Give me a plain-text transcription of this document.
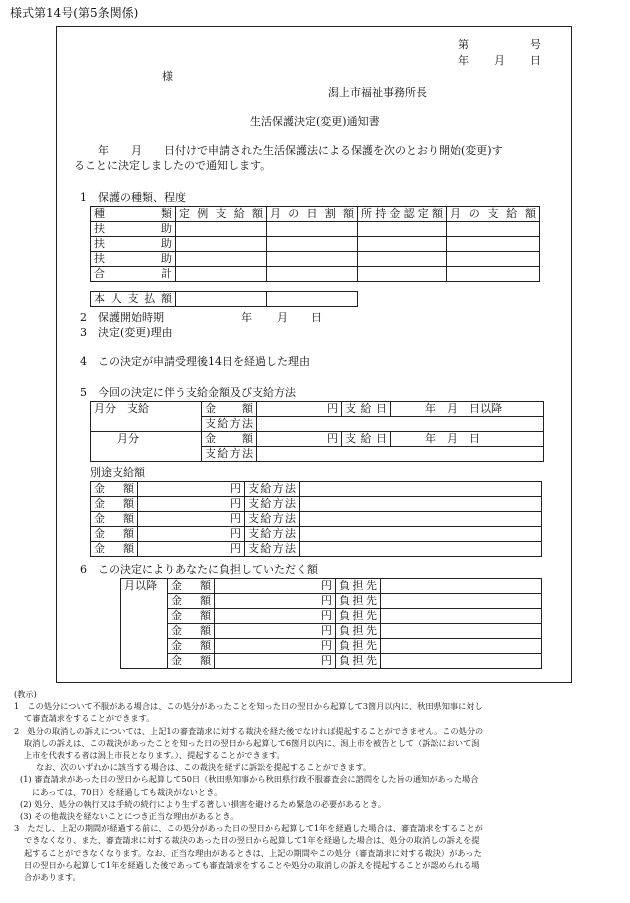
様式第14号(第5条関係)
第	号
年 月 日
様
潟上市福祉事務所長
生活保護決定(変更)通知書
年　　月　　日付けで申請された生活保護法による保護を次のとおり開始(変更)す
ることに決定しましたので通知します。
1　保護の種類、程度
種　　類	定例支給額	月の日割額	所持金認定額	月の支給額
扶　　助				
扶　　助				
扶　　助				
合　　計				
本人支払額		
2　保護開始時期	年 月 日
3　決定(変更)理由
4　この決定が申請受理後14日を経過した理由
5　今回の決定に伴う支給金額及び支給方法
月分　支給	金　　額	円	支給日	年　月　日以降
	支給方法			
月分	金　　額	円	支給日	年　月　日
	支給方法			
別途支給額
金　額	円	支給方法	
金　額	円	支給方法	
金　額	円	支給方法	
金　額	円	支給方法	
金　額	円	支給方法	
6　この決定によりあなたに負担していただく額
月以降	金　額	円	負担先	
	金　額	円	負担先	
	金　額	円	負担先	
	金　額	円	負担先	
	金　額	円	負担先	
	金　額	円	負担先	

(教示)

1　この処分について不服がある場合は、この処分があったことを知った日の翌日から起算して3箇月以内に、秋田県知事に対し

て審査請求をすることができます。

2　処分の取消しの訴えについては、上記1の審査請求に対する裁決を経た後でなければ提起することができません。この処分の

取消しの訴えは、この裁決があったことを知った日の翌日から起算して6箇月以内に、潟上市を被告として（訴訟において潟

上市を代表する者は潟上市長となります。）、提起することができます。

なお、次のいずれかに該当する場合は、この裁決を経ずに訴訟を提起することができます。

(1) 審査請求があった日の翌日から起算して50日（秋田県知事から秋田県行政不服審査会に諮問をした旨の通知があった場合

にあっては、70日）を経過しても裁決がないとき。

(2) 処分、処分の執行又は手続の続行により生ずる著しい損害を避けるため緊急の必要があるとき。

(3) その他裁決を経ないことにつき正当な理由があるとき。

3　ただし、上記の期間が経過する前に、この処分があった日の翌日から起算して1年を経過した場合は、審査請求をすることが

できなくなり、また、審査請求に対する裁決のあった日の翌日から起算して1年を経過した場合は、処分の取消しの訴えを提

起することができなくなります。なお、正当な理由があるときは、上記の期間やこの処分（審査請求に対する裁決）があった

日の翌日から起算して1年を経過した後であっても審査請求をすることや処分の取消しの訴えを提起することが認められる場

合があります。
